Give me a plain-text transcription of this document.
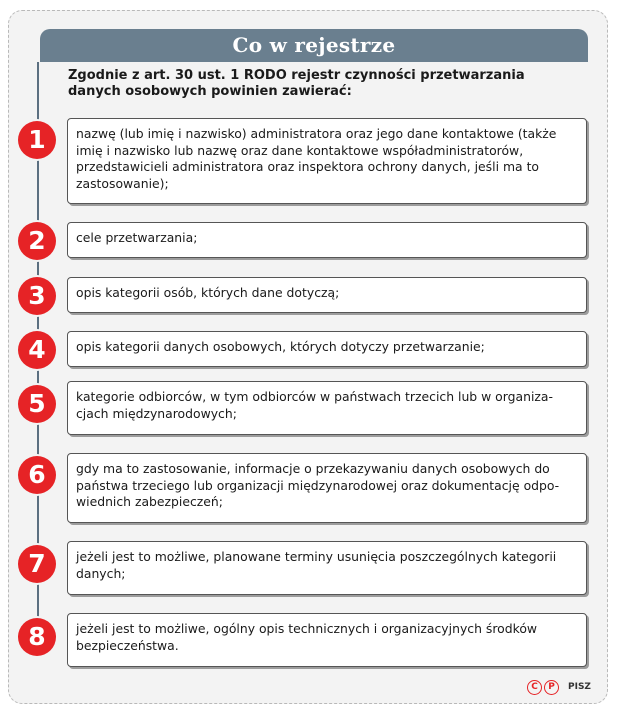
Co w rejestrze
Zgodnie z art. 30 ust. 1 RODO rejestr czynności przetwarzania danych osobowych powinien zawierać:
1	nazwę (lub imię i nazwisko) administratora oraz jego dane kontaktowe (także imię i nazwisko lub nazwę oraz dane kontaktowe współadministratorów, przedstawicieli administratora oraz inspektora ochrony danych, jeśli ma to zastosowanie);
2	cele przetwarzania;
3	opis kategorii osób, których dane dotyczą;
4	opis kategorii danych osobowych, których dotyczy przetwarzanie;
5	kategorie odbiorców, w tym odbiorców w państwach trzecich lub w organiza-cjach międzynarodowych;
6	gdy ma to zastosowanie, informacje o przekazywaniu danych osobowych do państwa trzeciego lub organizacji międzynarodowej oraz dokumentację odpo-wiednich zabezpieczeń;
7	jeżeli jest to możliwe, planowane terminy usunięcia poszczególnych kategorii danych;
8	jeżeli jest to możliwe, ogólny opis technicznych i organizacyjnych środków bezpieczeństwa.
C	P	PISZ
